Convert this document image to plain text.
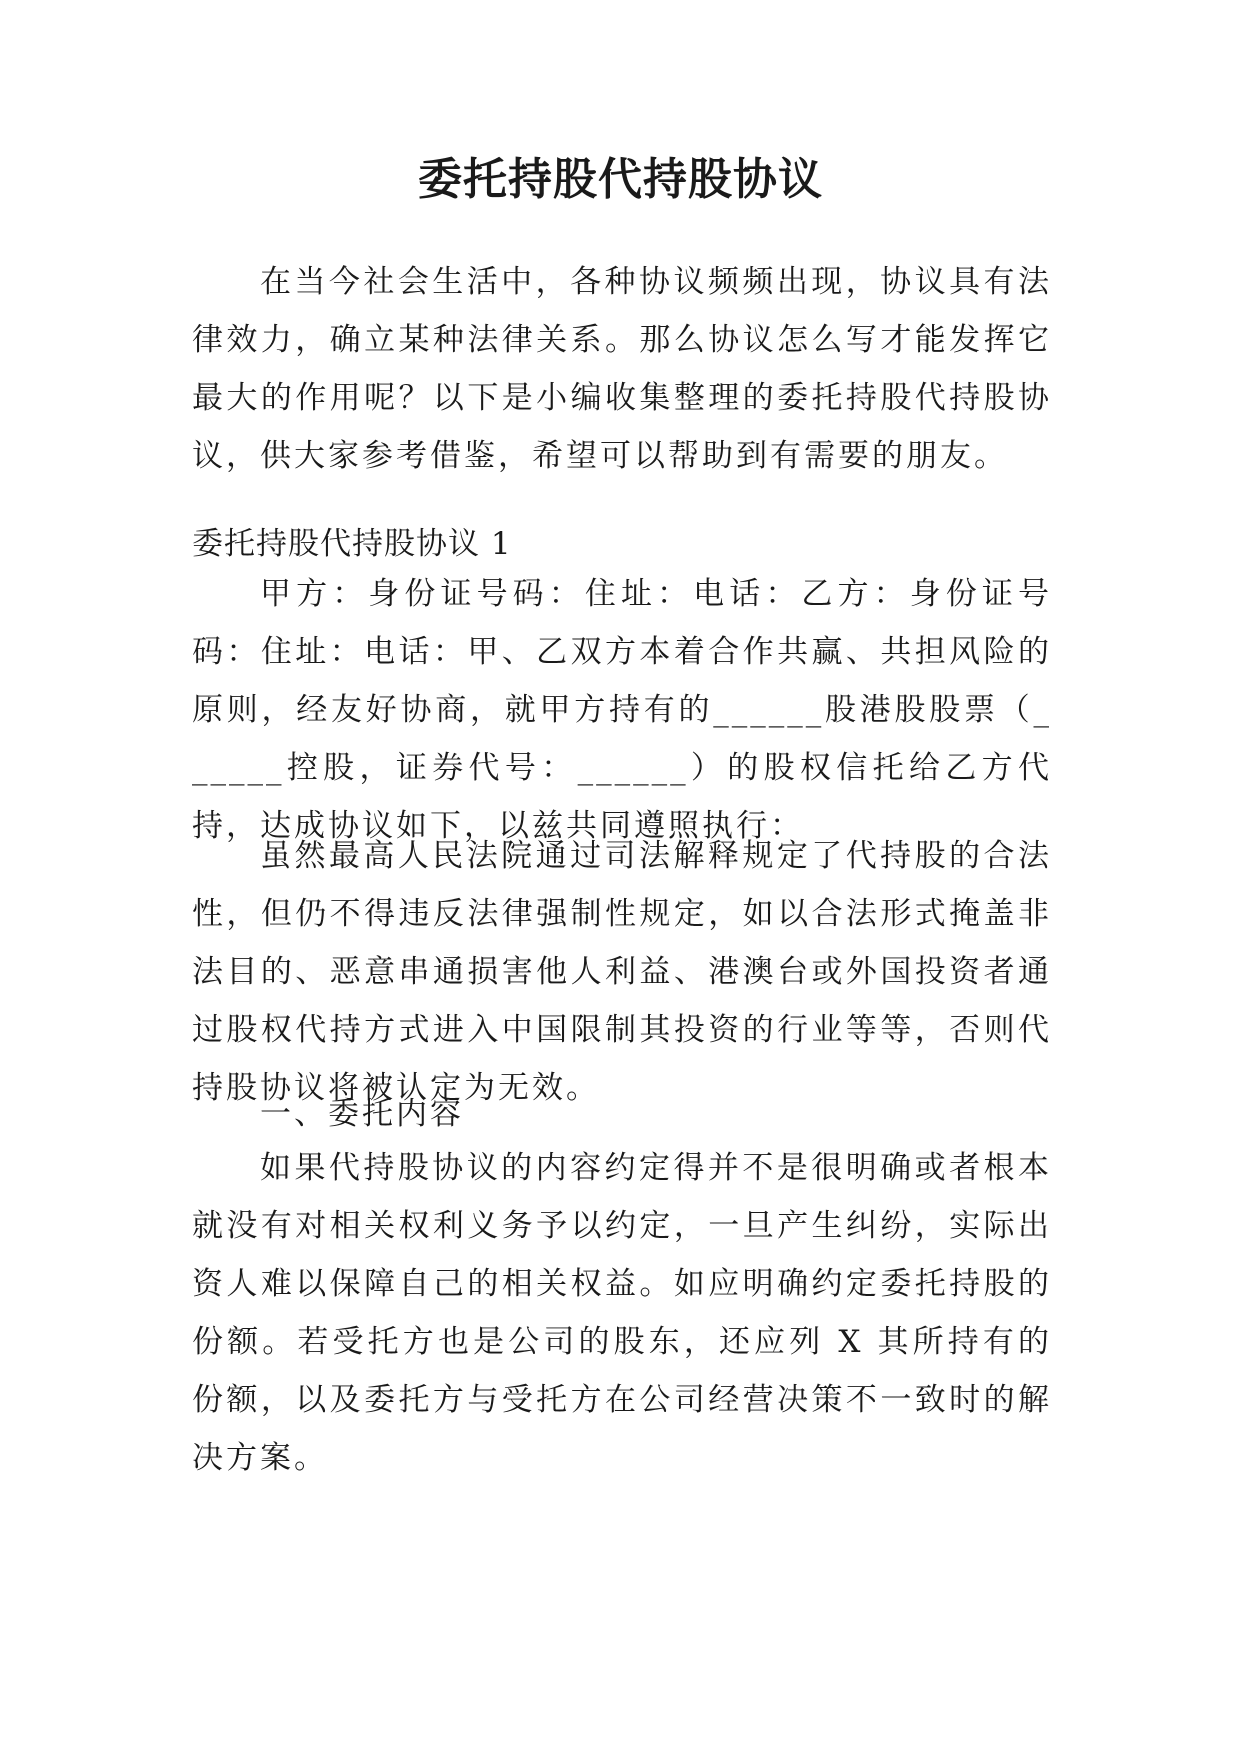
委托持股代持股协议

在当今社会生活中，各种协议频频出现，协议具有法律效力，确立某种法律关系。那么协议怎么写才能发挥它最大的作用呢？以下是小编收集整理的委托持股代持股协议，供大家参考借鉴，希望可以帮助到有需要的朋友。

委托持股代持股协议 1

甲方：身份证号码：住址：电话：乙方：身份证号码：住址：电话：甲、乙双方本着合作共赢、共担风险的原则，经友好协商，就甲方持有的______股港股股票（______控股，证券代号：______）的股权信托给乙方代持，达成协议如下，以兹共同遵照执行：

虽然最高人民法院通过司法解释规定了代持股的合法性，但仍不得违反法律强制性规定，如以合法形式掩盖非法目的、恶意串通损害他人利益、港澳台或外国投资者通过股权代持方式进入中国限制其投资的行业等等，否则代持股协议将被认定为无效。

一、委托内容

如果代持股协议的内容约定得并不是很明确或者根本就没有对相关权利义务予以约定，一旦产生纠纷，实际出资人难以保障自己的相关权益。如应明确约定委托持股的份额。若受托方也是公司的股东，还应列 X 其所持有的份额，以及委托方与受托方在公司经营决策不一致时的解决方案。
